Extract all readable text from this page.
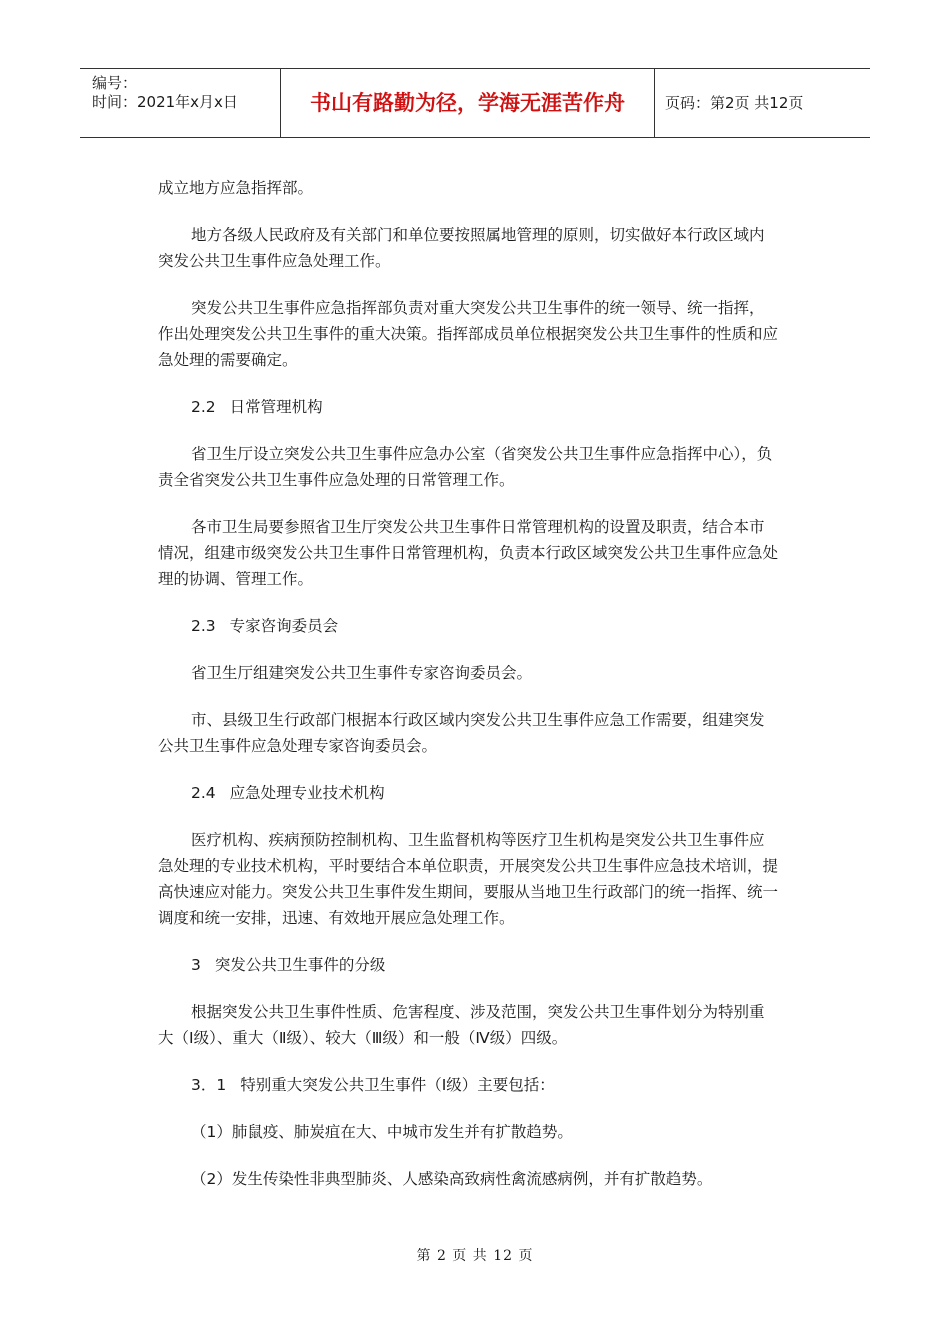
编号：
时间：2021年x月x日	书山有路勤为径，学海无涯苦作舟	页码：第2页 共12页

成立地方应急指挥部。

地方各级人民政府及有关部门和单位要按照属地管理的原则，切实做好本行政区域内突发公共卫生事件应急处理工作。

突发公共卫生事件应急指挥部负责对重大突发公共卫生事件的统一领导、统一指挥，作出处理突发公共卫生事件的重大决策。指挥部成员单位根据突发公共卫生事件的性质和应急处理的需要确定。

2.2 日常管理机构

省卫生厅设立突发公共卫生事件应急办公室（省突发公共卫生事件应急指挥中心），负责全省突发公共卫生事件应急处理的日常管理工作。

各市卫生局要参照省卫生厅突发公共卫生事件日常管理机构的设置及职责，结合本市情况，组建市级突发公共卫生事件日常管理机构，负责本行政区域突发公共卫生事件应急处理的协调、管理工作。

2.3 专家咨询委员会

省卫生厅组建突发公共卫生事件专家咨询委员会。

市、县级卫生行政部门根据本行政区域内突发公共卫生事件应急工作需要，组建突发公共卫生事件应急处理专家咨询委员会。

2.4 应急处理专业技术机构

医疗机构、疾病预防控制机构、卫生监督机构等医疗卫生机构是突发公共卫生事件应急处理的专业技术机构，平时要结合本单位职责，开展突发公共卫生事件应急技术培训，提高快速应对能力。突发公共卫生事件发生期间，要服从当地卫生行政部门的统一指挥、统一调度和统一安排，迅速、有效地开展应急处理工作。

3 突发公共卫生事件的分级

根据突发公共卫生事件性质、危害程度、涉及范围，突发公共卫生事件划分为特别重大（Ⅰ级）、重大（Ⅱ级）、较大（Ⅲ级）和一般（Ⅳ级）四级。

3．1 特别重大突发公共卫生事件（Ⅰ级）主要包括：

（1）肺鼠疫、肺炭疽在大、中城市发生并有扩散趋势。

（2）发生传染性非典型肺炎、人感染高致病性禽流感病例，并有扩散趋势。

第 2 页 共 12 页
